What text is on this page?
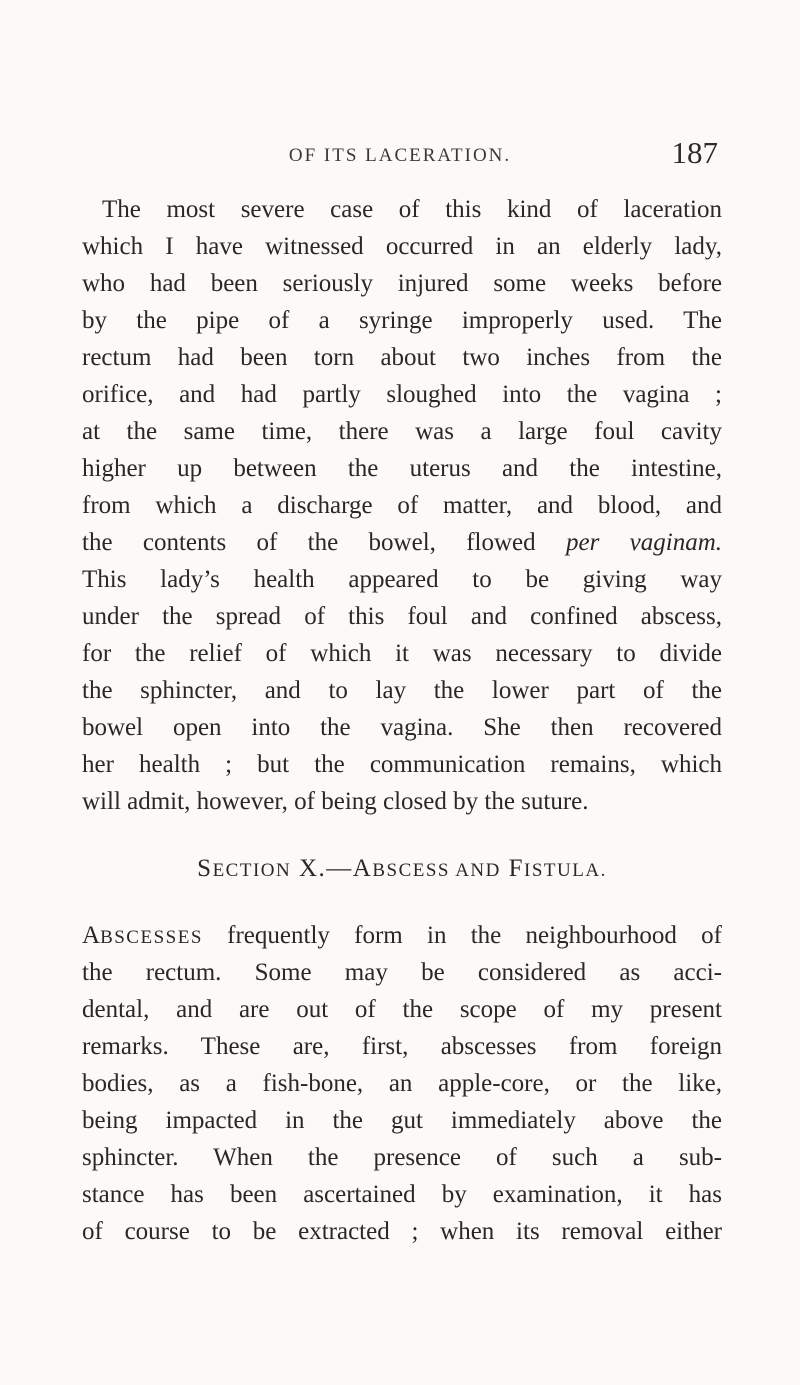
OF ITS LACERATION.	187
The most severe case of this kind of laceration
which I have witnessed occurred in an elderly lady,
who had been seriously injured some weeks before
by the pipe of a syringe improperly used. The
rectum had been torn about two inches from the
orifice, and had partly sloughed into the vagina ;
at the same time, there was a large foul cavity
higher up between the uterus and the intestine,
from which a discharge of matter, and blood, and
the contents of the bowel, flowed per vaginam.
This lady’s health appeared to be giving way
under the spread of this foul and confined abscess,
for the relief of which it was necessary to divide
the sphincter, and to lay the lower part of the
bowel open into the vagina. She then recovered
her health ; but the communication remains, which
will admit, however, of being closed by the suture.
SECTION X.—ABSCESS AND FISTULA.
ABSCESSES frequently form in the neighbourhood of
the rectum. Some may be considered as acci-
dental, and are out of the scope of my present
remarks. These are, first, abscesses from foreign
bodies, as a fish-bone, an apple-core, or the like,
being impacted in the gut immediately above the
sphincter. When the presence of such a sub-
stance has been ascertained by examination, it has
of course to be extracted ; when its removal either
